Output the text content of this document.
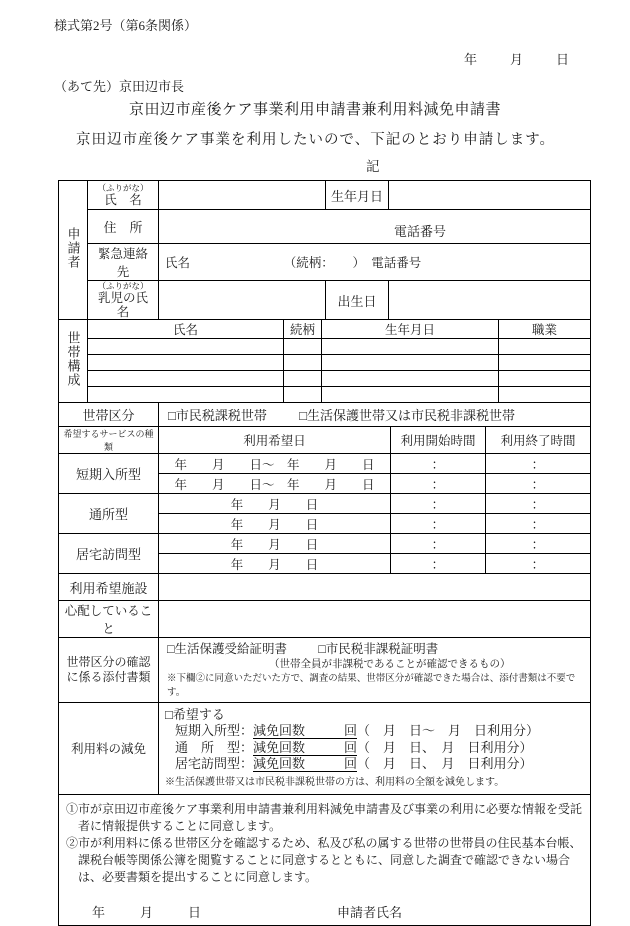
様式第2号（第6条関係）
年	月	日
（あて先）京田辺市長
京田辺市産後ケア事業利用申請書兼利用料減免申請書
京田辺市産後ケア事業を利用したいので、下記のとおり申請します。
記
申請者	（ふりがな）
氏　名		生年月日	
	住　所	電話番号		

	緊急連絡先	氏名　　　　　　　　（続柄：　　）　電話番号		

	（ふりがな）
乳児の氏名		出生日	
世帯構成	氏名	続柄	生年月日	職業

世帯区分	□市民税課税世帯 □生活保護世帯又は市民税非課税世帯
希望するサービスの種類	利用希望日	利用開始時間	利用終了時間
短期入所型	年　　月　　日～　年　　月　　日	：	：
	年　　月　　日～　年　　月　　日	：	：
通所型	年　　月　　日	：	：
	年　　月　　日	：	：
居宅訪問型	年　　月　　日	：	：
	年　　月　　日	：	：
利用希望施設	
心配していること	
世帯区分の確認
に係る添付書類	
□生活保護受給証明書 □市民税非課税証明書
（世帯全員が非課税であることが確認できるもの）
※下欄②に同意いただいた方で、調査の結果、世帯区分が確認できた場合は、添付書類は不要です。

利用料の減免	□希望する
短期入所型：減免回数　　　回（　月　日～　月　日利用分）
通　所　型：減免回数　　　回（　月　日、　月　日利用分）
居宅訪問型：減免回数　　　回（　月　日、　月　日利用分）
※生活保護世帯又は市民税非課税世帯の方は、利用料の全額を減免します。
①市が京田辺市産後ケア事業利用申請書兼利用料減免申請書及び事業の利用に必要な情報を受託者に情報提供することに同意します。
②市が利用料に係る世帯区分を確認するため、私及び私の属する世帯の世帯員の住民基本台帳、課税台帳等関係公簿を閲覧することに同意するとともに、同意した調査で確認できない場合は、必要書類を提出することに同意します。
年	月	日	申請者氏名
